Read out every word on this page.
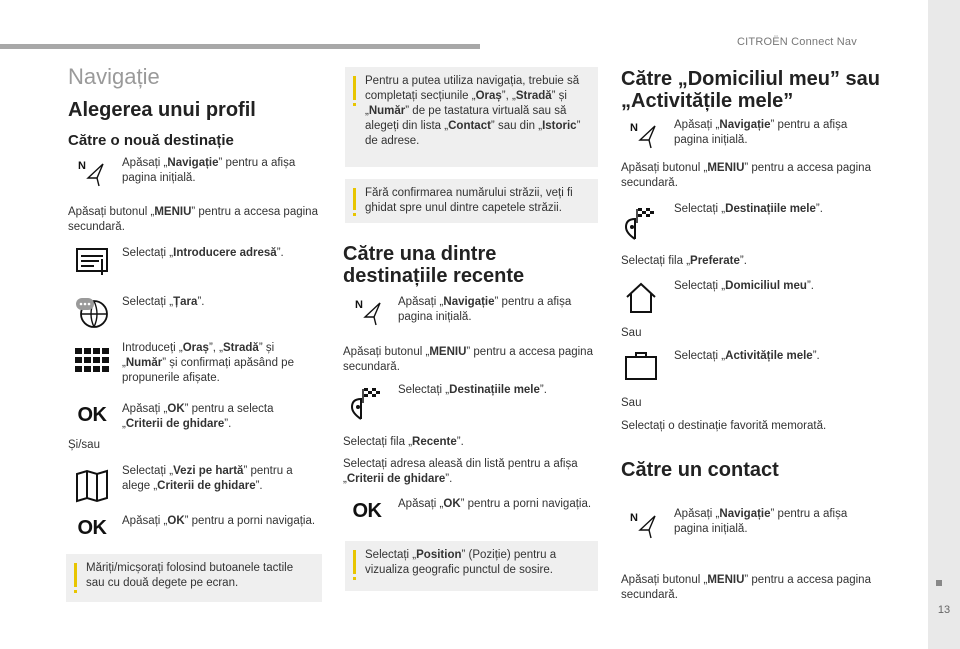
CITROËN Connect Nav
13
Navigație
Alegerea unui profil
Către o nouă destinație
N	Apăsați „Navigație” pentru a afișa pagina inițială.
Apăsați butonul „MENIU” pentru a accesa pagina secundară.
Selectați „Introducere adresă”.
Selectați „Țara”.
Introduceți „Oraș”, „Stradă” și „Număr” și confirmați apăsând pe propunerile afișate.
OK	Apăsați „OK” pentru a selecta „Criterii de ghidare”.
Și/sau
Selectați „Vezi pe hartă” pentru a alege „Criterii de ghidare”.
OK	Apăsați „OK” pentru a porni navigația.
Măriți/micșorați folosind butoanele tactile sau cu două degete pe ecran.
Pentru a putea utiliza navigația, trebuie să completați secțiunile „Oraș”, „Stradă” și „Număr” de pe tastatura virtuală sau să alegeți din lista „Contact” sau din „Istoric” de adrese.
Fără confirmarea numărului străzii, veți fi ghidat spre unul dintre capetele străzii.
Către una dintre destinațiile recente
N	Apăsați „Navigație” pentru a afișa pagina inițială.
Apăsați butonul „MENIU” pentru a accesa pagina secundară.
Selectați „Destinațiile mele”.
Selectați fila „Recente”.
Selectați adresa aleasă din listă pentru a afișa „Criterii de ghidare”.
OK	Apăsați „OK” pentru a porni navigația.
Selectați „Position” (Poziție) pentru a vizualiza geografic punctul de sosire.
Către „Domiciliul meu” sau „Activitățile mele”
N	Apăsați „Navigație” pentru a afișa pagina inițială.
Apăsați butonul „MENIU” pentru a accesa pagina secundară.
Selectați „Destinațiile mele”.
Selectați fila „Preferate”.
Selectați „Domiciliul meu”.
Sau
Selectați „Activitățile mele”.
Sau
Selectați o destinație favorită memorată.
Către un contact
N	Apăsați „Navigație” pentru a afișa pagina inițială.
Apăsați butonul „MENIU” pentru a accesa pagina secundară.
